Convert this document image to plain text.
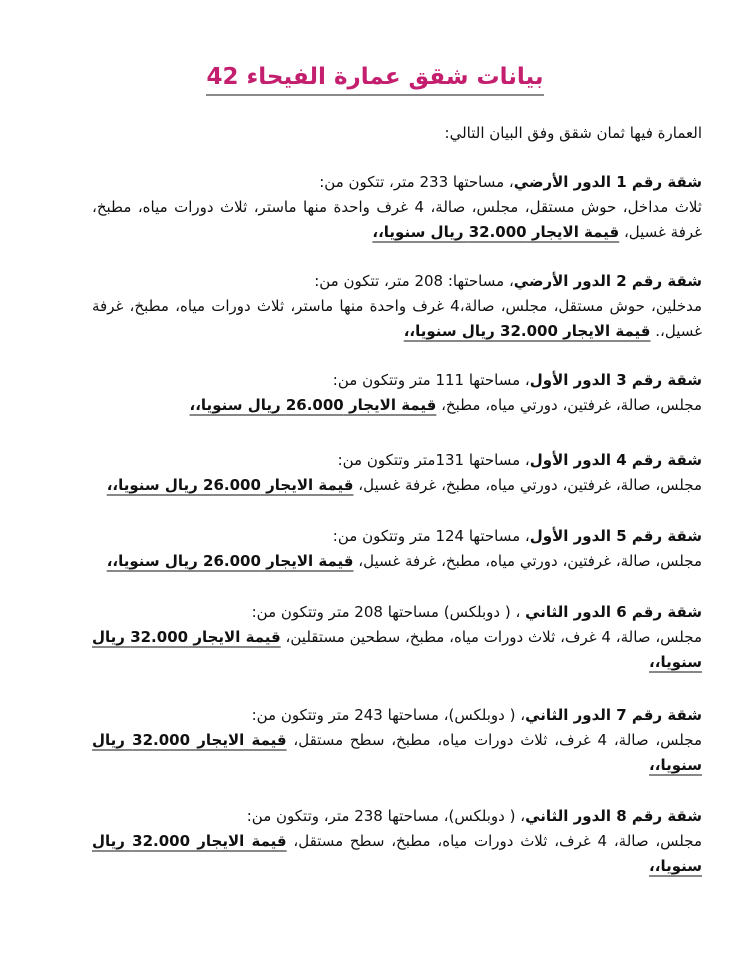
بيانات شقق عمارة الفيحاء 42
العمارة فيها ثمان شقق وفق البيان التالي:
شقة رقم 1 الدور الأرضي، مساحتها 233 متر، تتكون من:
ثلاث مداخل، حوش مستقل، مجلس، صالة، 4 غرف واحدة منها ماستر، ثلاث دورات مياه، مطبخ، غرفة غسيل، قيمة الايجار 32.000 ريال سنويا،،
شقة رقم 2 الدور الأرضي، مساحتها: 208 متر، تتكون من:
مدخلين، حوش مستقل، مجلس، صالة،4 غرف واحدة منها ماستر، ثلاث دورات مياه، مطبخ، غرفة غسيل،. قيمة الايجار 32.000 ريال سنويا،،
شقة رقم 3 الدور الأول، مساحتها 111 متر وتتكون من:
مجلس، صالة، غرفتين، دورتي مياه، مطبخ، قيمة الايجار 26.000 ريال سنويا،،
شقة رقم 4 الدور الأول، مساحتها 131متر وتتكون من:
مجلس، صالة، غرفتين، دورتي مياه، مطبخ، غرفة غسيل، قيمة الايجار 26.000 ريال سنويا،،
شقة رقم 5 الدور الأول، مساحتها 124 متر وتتكون من:
مجلس، صالة، غرفتين، دورتي مياه، مطبخ، غرفة غسيل، قيمة الايجار 26.000 ريال سنويا،،
شقة رقم 6 الدور الثاني ، ( دوبلكس) مساحتها 208 متر وتتكون من:
مجلس، صالة، 4 غرف، ثلاث دورات مياه، مطبخ، سطحين مستقلين، قيمة الايجار 32.000 ريال سنويا،،
شقة رقم 7 الدور الثاني، ( دوبلكس)، مساحتها 243 متر وتتكون من:
مجلس، صالة، 4 غرف، ثلاث دورات مياه، مطبخ، سطح مستقل، قيمة الايجار 32.000 ريال سنويا،،
شقة رقم 8 الدور الثاني، ( دوبلكس)، مساحتها 238 متر، وتتكون من:
مجلس، صالة، 4 غرف، ثلاث دورات مياه، مطبخ، سطح مستقل، قيمة الايجار 32.000 ريال سنويا،،
